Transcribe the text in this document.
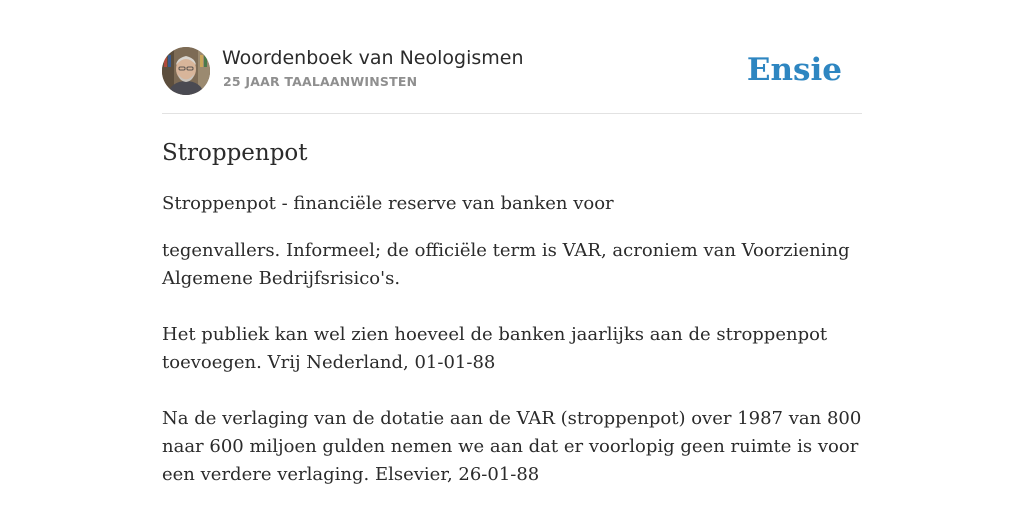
Woordenboek van Neologismen
25 JAAR TAALAANWINSTEN	Ensie
Stroppenpot
Stroppenpot - financiële reserve van banken voor

tegenvallers. Informeel; de officiële term is VAR, acroniem van Voorziening Algemene Bedrijfsrisico's.

Het publiek kan wel zien hoeveel de banken jaarlijks aan de stroppenpot toevoegen. Vrij Nederland, 01-01-88

Na de verlaging van de dotatie aan de VAR (stroppenpot) over 1987 van 800 naar 600 miljoen gulden nemen we aan dat er voorlopig geen ruimte is voor een verdere verlaging. Elsevier, 26-01-88
